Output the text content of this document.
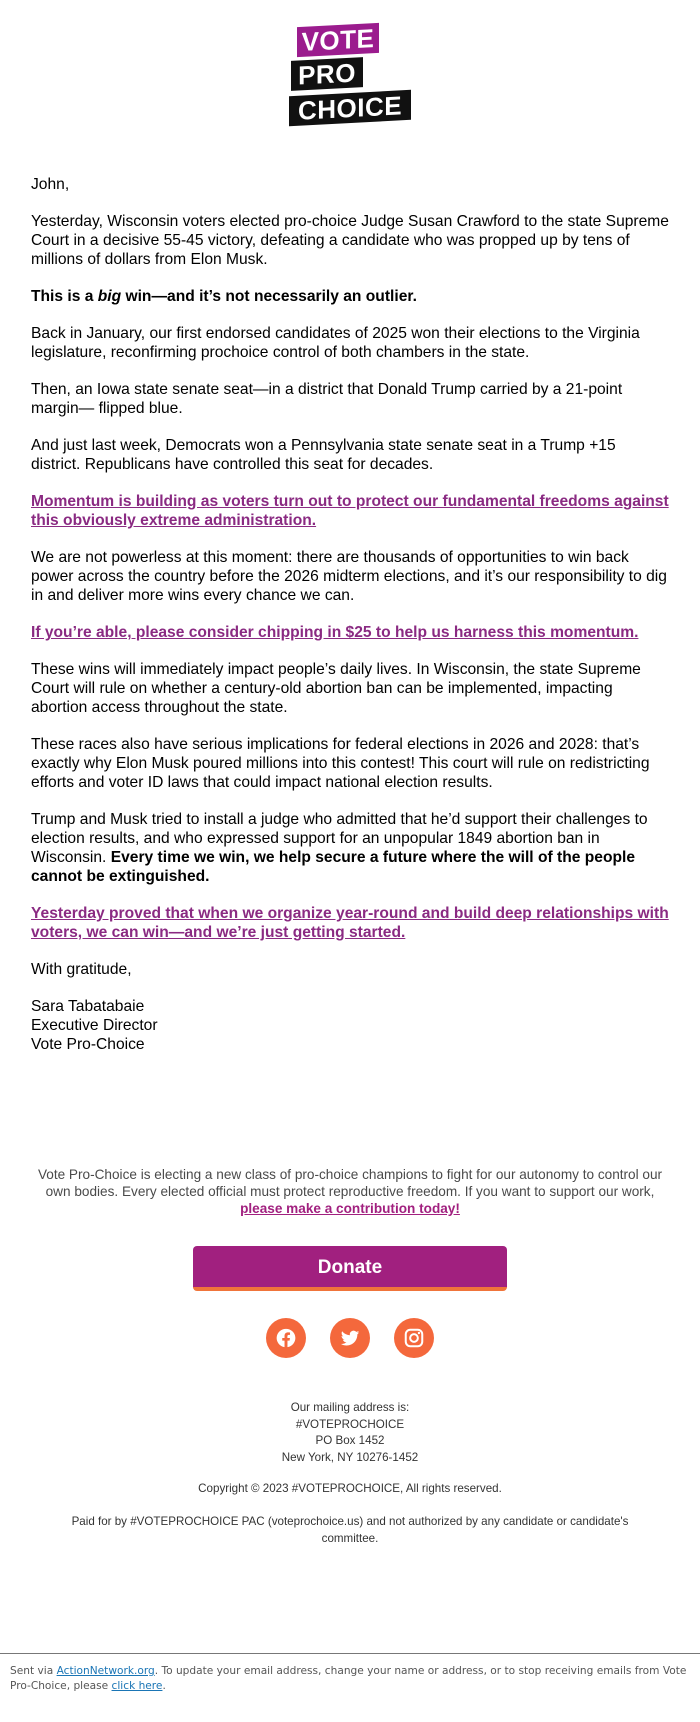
VOTE
PRO
CHOICE

John,

Yesterday, Wisconsin voters elected pro-choice Judge Susan Crawford to the state Supreme Court in a decisive 55-45 victory, defeating a candidate who was propped up by tens of millions of dollars from Elon Musk.

This is a big win—and it’s not necessarily an outlier.

Back in January, our first endorsed candidates of 2025 won their elections to the Virginia legislature, reconfirming prochoice control of both chambers in the state.

Then, an Iowa state senate seat—in a district that Donald Trump carried by a 21-point margin— flipped blue.

And just last week, Democrats won a Pennsylvania state senate seat in a Trump +15 district. Republicans have controlled this seat for decades.

Momentum is building as voters turn out to protect our fundamental freedoms against this obviously extreme administration.

We are not powerless at this moment: there are thousands of opportunities to win back power across the country before the 2026 midterm elections, and it’s our responsibility to dig in and deliver more wins every chance we can.

If you’re able, please consider chipping in $25 to help us harness this momentum.

These wins will immediately impact people’s daily lives. In Wisconsin, the state Supreme Court will rule on whether a century-old abortion ban can be implemented, impacting abortion access throughout the state.

These races also have serious implications for federal elections in 2026 and 2028: that’s exactly why Elon Musk poured millions into this contest! This court will rule on redistricting efforts and voter ID laws that could impact national election results.

Trump and Musk tried to install a judge who admitted that he’d support their challenges to election results, and who expressed support for an unpopular 1849 abortion ban in Wisconsin. Every time we win, we help secure a future where the will of the people cannot be extinguished.

Yesterday proved that when we organize year-round and build deep relationships with voters, we can win—and we’re just getting started.

With gratitude,

Sara Tabatabaie

Executive Director

Vote Pro-Choice

Vote Pro-Choice is electing a new class of pro-choice champions to fight for our autonomy to control our own bodies. Every elected official must protect reproductive freedom. If you want to support our work, please make a contribution today!
Donate

Our mailing address is:
#VOTEPROCHOICE
PO Box 1452
New York, NY 10276-1452
Copyright © 2023 #VOTEPROCHOICE, All rights reserved.
Paid for by #VOTEPROCHOICE PAC (voteprochoice.us) and not authorized by any candidate or candidate's committee.
Sent via ActionNetwork.org. To update your email address, change your name or address, or to stop receiving emails from Vote Pro-Choice, please click here.
